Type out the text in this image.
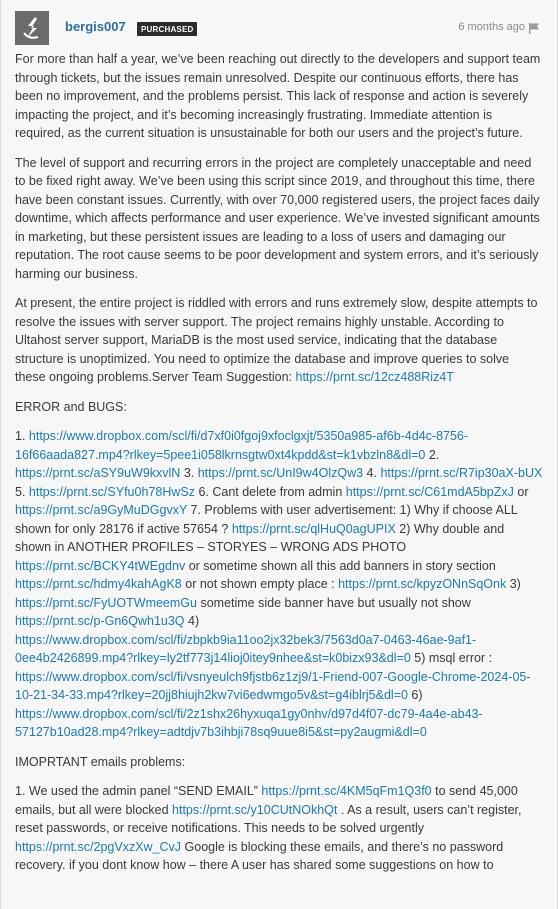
bergis007	PURCHASED	6 months ago

For more than half a year, we’ve been reaching out directly to the developers and support team through tickets, but the issues remain unresolved. Despite our continuous efforts, there has been no improvement, and the problems persist. This lack of response and action is severely impacting the project, and it’s becoming increasingly frustrating. Immediate attention is required, as the current situation is unsustainable for both our users and the project’s future.

The level of support and recurring errors in the project are completely unacceptable and need to be fixed right away. We’ve been using this script since 2019, and throughout this time, there have been constant issues. Currently, with over 70,000 registered users, the project faces daily downtime, which affects performance and user experience. We’ve invested significant amounts in marketing, but these persistent issues are leading to a loss of users and damaging our reputation. The root cause seems to be poor development and system errors, and it’s seriously harming our business.

At present, the entire project is riddled with errors and runs extremely slow, despite attempts to resolve the issues with server support. The project remains highly unstable. According to Ultahost server support, MariaDB is the most used service, indicating that the database structure is unoptimized. You need to optimize the database and improve queries to solve these ongoing problems.Server Team Suggestion: https://prnt.sc/12cz488Riz4T

ERROR and BUGS:

1. https://www.dropbox.com/scl/fi/d7xf0i0fgoj9xfoclgxjt/5350a985-af6b-4d4c-8756-16f66aada827.mp4?rlkey=5pee1i058lkrnsgtw0xt4kpdd&st=k1vbzln8&dl=0 2. https://prnt.sc/aSY9uW9kxvlN 3. https://prnt.sc/UnI9w4OlzQw3 4. https://prnt.sc/R7ip30aX-bUX 5. https://prnt.sc/SYfu0h78HwSz 6. Cant delete from admin https://prnt.sc/C61mdA5bpZxJ or https://prnt.sc/a9GyMuDGgvxY 7. Problems with user advertisement: 1) Why if choose ALL shown for only 28176 if active 57654 ? https://prnt.sc/qlHuQ0agUPIX 2) Why double and shown in ANOTHER PROFILES – STORYES – WRONG ADS PHOTO https://prnt.sc/BCKY4tWEgdnv or sometime shown all this add banners in story section https://prnt.sc/hdmy4kahAgK8 or not shown empty place : https://prnt.sc/kpyzONnSqOnk 3) https://prnt.sc/FyUOTWmeemGu sometime side banner have but usually not show https://prnt.sc/p-Gn6Qwh1u3Q 4) https://www.dropbox.com/scl/fi/zbpkb9ia11oo2jx32bek3/7563d0a7-0463-46ae-9af1-0ee4b2426899.mp4?rlkey=ly2tf773j14lioj0itey9nhee&st=k0bizx93&dl=0 5) msql error : https://www.dropbox.com/scl/fi/vsnyeulch9fjstb6z1zj9/1-Friend-007-Google-Chrome-2024-05-10-21-34-33.mp4?rlkey=20jj8hiujh2kw7vi6edwmgo5v&st=g4iblrj5&dl=0 6) https://www.dropbox.com/scl/fi/2z1shx26hyxuqa1gy0nhv/d97d4f07-dc79-4a4e-ab43-57127b10ad28.mp4?rlkey=adtdjv7b3ihbji78sq9uue8i5&st=py2augmi&dl=0

IMOPRTANT emails problems:

1. We used the admin panel “SEND EMAIL” https://prnt.sc/4KM5qFm1Q3f0 to send 45,000 emails, but all were blocked https://prnt.sc/y10CUtNOkhQt . As a result, users can’t register, reset passwords, or receive notifications. This needs to be solved urgently https://prnt.sc/2pgVxzXw_CvJ Google is blocking these emails, and there’s no password recovery. if you dont know how – there A user has shared some suggestions on how to
